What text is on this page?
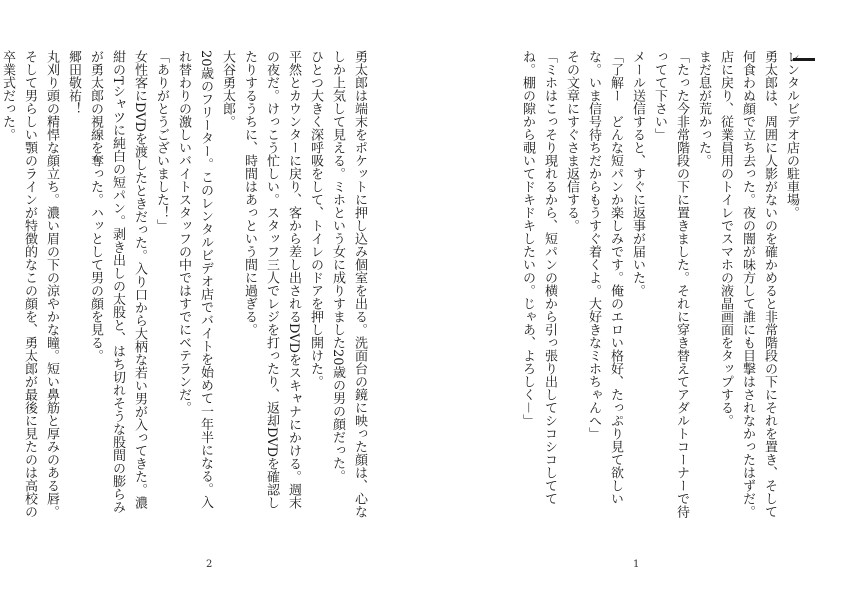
勇太郎は端末をポケットに押し込み個室を出る。洗面台の鏡に映った顔は、心なしか上気して見える。ミホという女に成りすました20歳の男の顔だった。

ひとつ大きく深呼吸をして、トイレのドアを押し開けた。

平然とカウンターに戻り、客から差し出されるDVDをスキャナにかける。週末の夜だ。けっこう忙しい。スタッフ三人でレジを打ったり、返却DVDを確認したりするうちに、時間はあっという間に過ぎる。

大谷勇太郎。

20歳のフリーター。このレンタルビデオ店でバイトを始めて一年半になる。入れ替わりの激しいバイトスタッフの中ではすでにベテランだ。

「ありがとうございました！」

女性客にDVDを渡したときだった。入り口から大柄な若い男が入ってきた。濃紺のTシャツに純白の短パン。剥き出しの太股と、はち切れそうな股間の膨らみが勇太郎の視線を奪った。ハッとして男の顔を見る。

郷田敬祐！

丸刈り頭の精悍な顔立ち。濃い眉の下の涼やかな瞳。短い鼻筋と厚みのある唇。そして男らしい顎のラインが特徴的なこの顔を、勇太郎が最後に見たのは高校の卒業式だった。

2

レンタルビデオ店の駐車場。

勇太郎は、周囲に人影がないのを確かめると非常階段の下にそれを置き、そして何食わぬ顔で立ち去った。夜の闇が味方して誰にも目撃はされなかったはずだ。

店に戻り、従業員用のトイレでスマホの液晶画面をタップする。

まだ息が荒かった。

「たった今非常階段の下に置きました。それに穿き替えてアダルトコーナーで待ってて下さい」

メール送信すると、すぐに返事が届いた。

「了解ー　どんな短パンか楽しみです。俺のエロい格好、たっぷり見て欲しいな。いま信号待ちだからもうすぐ着くよ。大好きなミホちゃんへ」

その文章にすぐさま返信する。

「ミホはこっそり現れるから、短パンの横から引っ張り出してシコシコしててね。棚の隙から覗いてドキドキしたいの。じゃあ、よろしく－」

1
